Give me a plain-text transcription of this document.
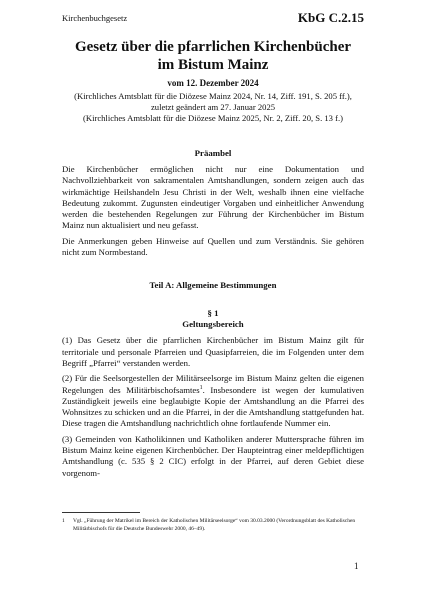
Kirchenbuchgesetz	KbG C.2.15
Gesetz über die pfarrlichen Kirchenbücher
im Bistum Mainz
vom 12. Dezember 2024
(Kirchliches Amtsblatt für die Diözese Mainz 2024, Nr. 14, Ziff. 191, S. 205 ff.),
zuletzt geändert am 27. Januar 2025
(Kirchliches Amtsblatt für die Diözese Mainz 2025, Nr. 2, Ziff. 20, S. 13 f.)
Präambel

Die Kirchenbücher ermöglichen nicht nur eine Dokumentation und Nachvollziehbarkeit von sakramentalen Amtshandlungen, sondern zeigen auch das wirkmächtige Heilshandeln Jesu Christi in der Welt, weshalb ihnen eine vielfache Bedeutung zukommt. Zugunsten eindeutiger Vorgaben und einheitlicher Anwendung werden die bestehenden Regelungen zur Führung der Kirchenbücher im Bistum Mainz nun aktualisiert und neu gefasst.

Die Anmerkungen geben Hinweise auf Quellen und zum Verständnis. Sie gehören nicht zum Normbestand.

Teil A: Allgemeine Bestimmungen
§ 1
Geltungsbereich

(1) Das Gesetz über die pfarrlichen Kirchenbücher im Bistum Mainz gilt für territoriale und personale Pfarreien und Quasipfarreien, die im Folgenden unter dem Begriff „Pfarrei“ verstanden werden.

(2) Für die Seelsorgestellen der Militärseelsorge im Bistum Mainz gelten die eigenen Regelungen des Militärbischofsamtes$^1$. Insbesondere ist wegen der kumulativen Zuständigkeit jeweils eine beglaubigte Kopie der Amtshandlung an die Pfarrei des Wohnsitzes zu schicken und an die Pfarrei, in der die Amtshandlung stattgefunden hat. Diese tragen die Amtshandlung nachrichtlich ohne fortlaufende Nummer ein.

(3) Gemeinden von Katholikinnen und Katholiken anderer Muttersprache führen im Bistum Mainz keine eigenen Kirchenbücher. Der Haupteintrag einer meldepflichtigen Amtshandlung (c. 535 § 2 CIC) erfolgt in der Pfarrei, auf deren Gebiet diese vorgenom-

1	Vgl. „Führung der Matrikel im Bereich der Katholischen Militärseelsorge“ vom 30.03.2000 (Verordnungsblatt des Katholischen Militärbischofs für die Deutsche Bundeswehr 2000, 46–49).
1
